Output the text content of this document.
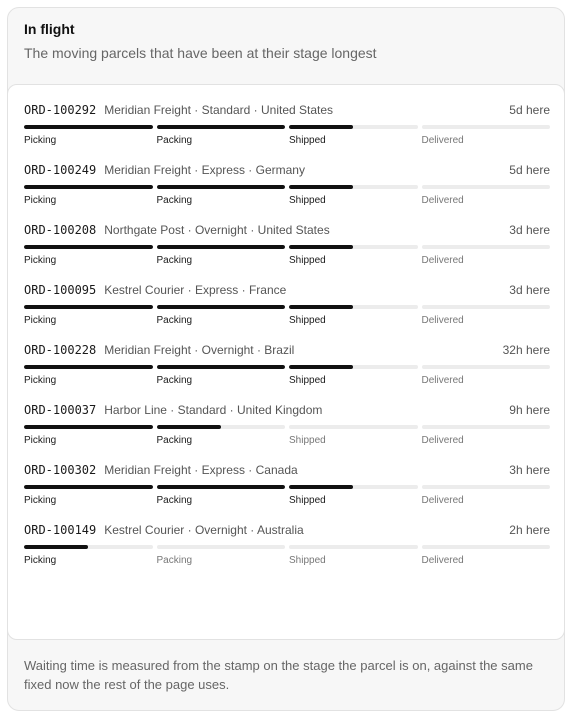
In flight
The moving parcels that have been at their stage longest
ORD-100292 Meridian Freight · Standard · United States	5d here
Picking	Packing	Shipped	Delivered
ORD-100249 Meridian Freight · Express · Germany	5d here
Picking	Packing	Shipped	Delivered
ORD-100208 Northgate Post · Overnight · United States	3d here
Picking	Packing	Shipped	Delivered
ORD-100095 Kestrel Courier · Express · France	3d here
Picking	Packing	Shipped	Delivered
ORD-100228 Meridian Freight · Overnight · Brazil	32h here
Picking	Packing	Shipped	Delivered
ORD-100037 Harbor Line · Standard · United Kingdom	9h here
Picking	Packing	Shipped	Delivered
ORD-100302 Meridian Freight · Express · Canada	3h here
Picking	Packing	Shipped	Delivered
ORD-100149 Kestrel Courier · Overnight · Australia	2h here
Picking	Packing	Shipped	Delivered
Waiting time is measured from the stamp on the stage the parcel is on, against the same fixed now the rest of the page uses.
